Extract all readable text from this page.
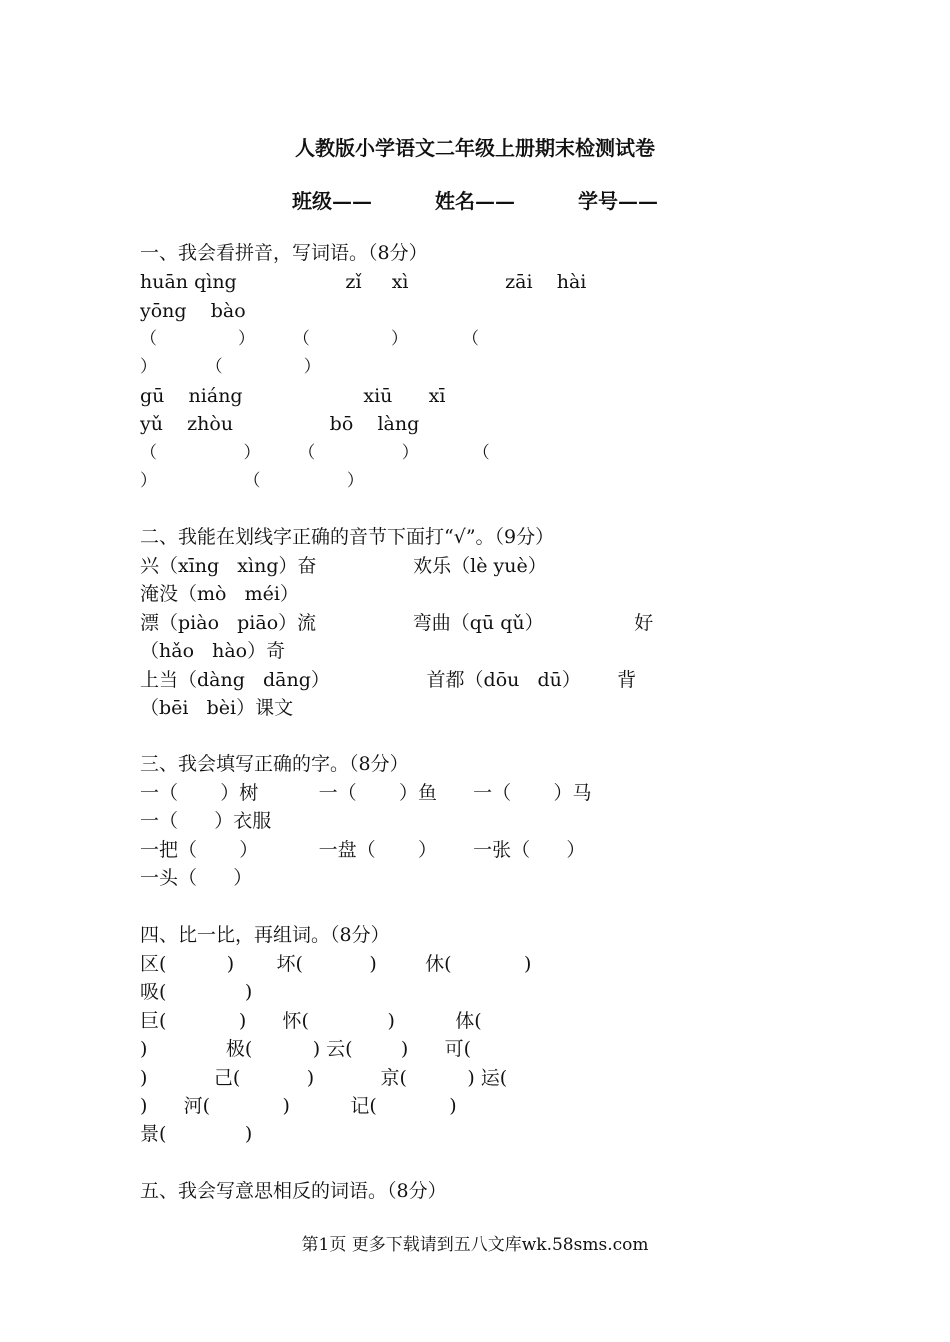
人教版小学语文二年级上册期末检测试卷
班级——	姓名——	学号——
一、我会看拼音，写词语。（8分）
huān qìng                  zǐ     xì                zāi    hài
yōng    bào
（               ）       （               ）          （
）         （               ）
gū    niáng                    xiū      xī
yǔ    zhòu                bō    làng
（                ）       （                ）          （
）                （                ）
二、我能在划线字正确的音节下面打“√”。（9分）
兴（xīng   xìng）奋                欢乐（lè yuè）
淹没（mò   méi）
漂（piào   piāo）流                弯曲（qū qǔ）               好
（hǎo   hào）奇
上当（dàng   dāng）                首都（dōu   dū）      背
（bēi   bèi）课文
三、我会填写正确的字。（8分）
一（       ）树          一（       ）鱼      一（       ）马
一（      ）衣服
一把（       ）          一盘（       ）      一张（      ）
一头（      ）
四、比一比，再组词。（8分）
区(          )       坏(           )        休(            )
吸(             )
巨(            )      怀(             )          体(
)             极(          ) 云(        )      可(
)           己(           )           京(          ) 运(
)      河(            )          记(            )
景(             )
五、我会写意思相反的词语。（8分）
第1页 更多下载请到五八文库wk.58sms.com
